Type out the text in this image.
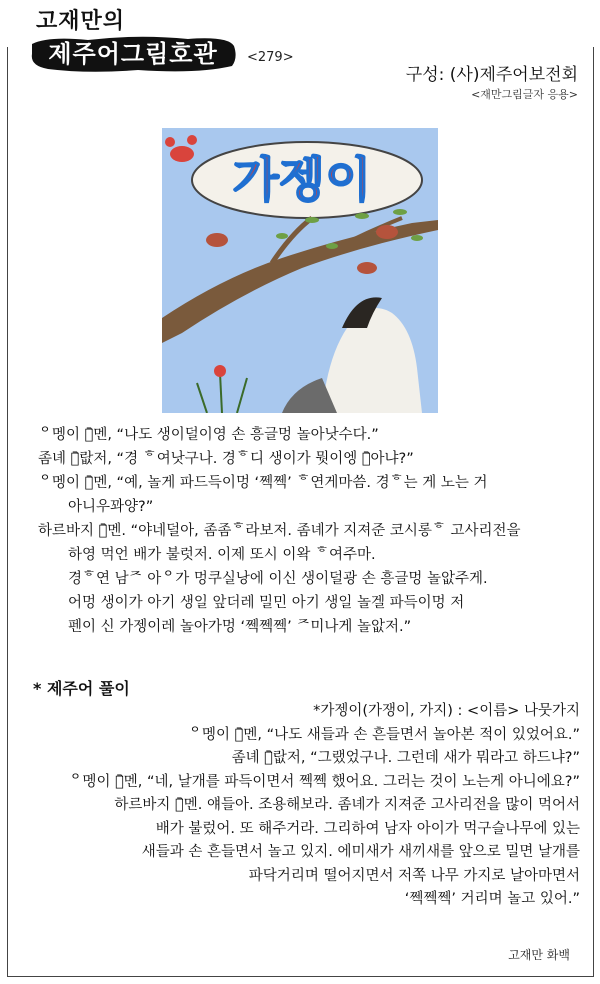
고재만의
제주어그림호관	<279>
구성: (사)제주어보전회
<재만그림글자 응용>
가젱이
ᄋ멩이 ᄀ᷆멘, “나도 생이덜이영 손 흥글멍 놀아낫수다.”
좀녜 ᄀ᷆랎저, “경 ᄒ여낫구나. 경ᄒ디 생이가 뭣이엥 ᄀ᷆아냐?”
ᄋ멩이 ᄀ᷆멘, “예, 놀게 파드득이멍 ‘쩩쩩’ ᄒ연게마씀. 경ᄒ는 게 노는 거
아니우꽈양?”
하르바지 ᄀ᷆멘. “야네덜아, 좀좀ᄒ라보저. 좀녜가 지져준 코시롱ᄒ 고사리전을
하영 먹언 배가 불럿저. 이제 또시 이왁 ᄒ여주마.
경ᄒ연 남ᄌ 아ᄋ가 멍쿠실낭에 이신 생이덜광 손 흥글멍 놀앖주게.
어멍 생이가 아기 생일 앞더레 밀민 아기 생일 놀겔 파득이멍 저
펜이 신 가젱이레 놀아가멍 ‘쩩쩩쩩’ ᄌ미나게 놀앖저.”
* 제주어 풀이
*가젱이(가쟁이, 가지) : <이름> 나뭇가지
ᄋ멩이 ᄀ᷆멘, “나도 새들과 손 흔들면서 놀아본 적이 있었어요.”
좀녜 ᄀ᷆랎저, “그랬었구나. 그런데 새가 뭐라고 하드냐?”
ᄋ멩이 ᄀ᷆멘, “네, 날개를 파득이면서 쩩쩩 했어요. 그러는 것이 노는게 아니에요?”
하르바지 ᄀ᷆멘. 얘들아. 조용해보라. 좀녜가 지져준 고사리전을 많이 먹어서
배가 불렀어. 또 해주거라. 그리하여 남자 아이가 먹구슬나무에 있는
새들과 손 흔들면서 놀고 있지. 에미새가 새끼새를 앞으로 밀면 날개를
파닥거리며 떨어지면서 저쪽 나무 가지로 날아마면서
‘쩩쩩쩩’ 거리며 놀고 있어.”
고재만 화백
